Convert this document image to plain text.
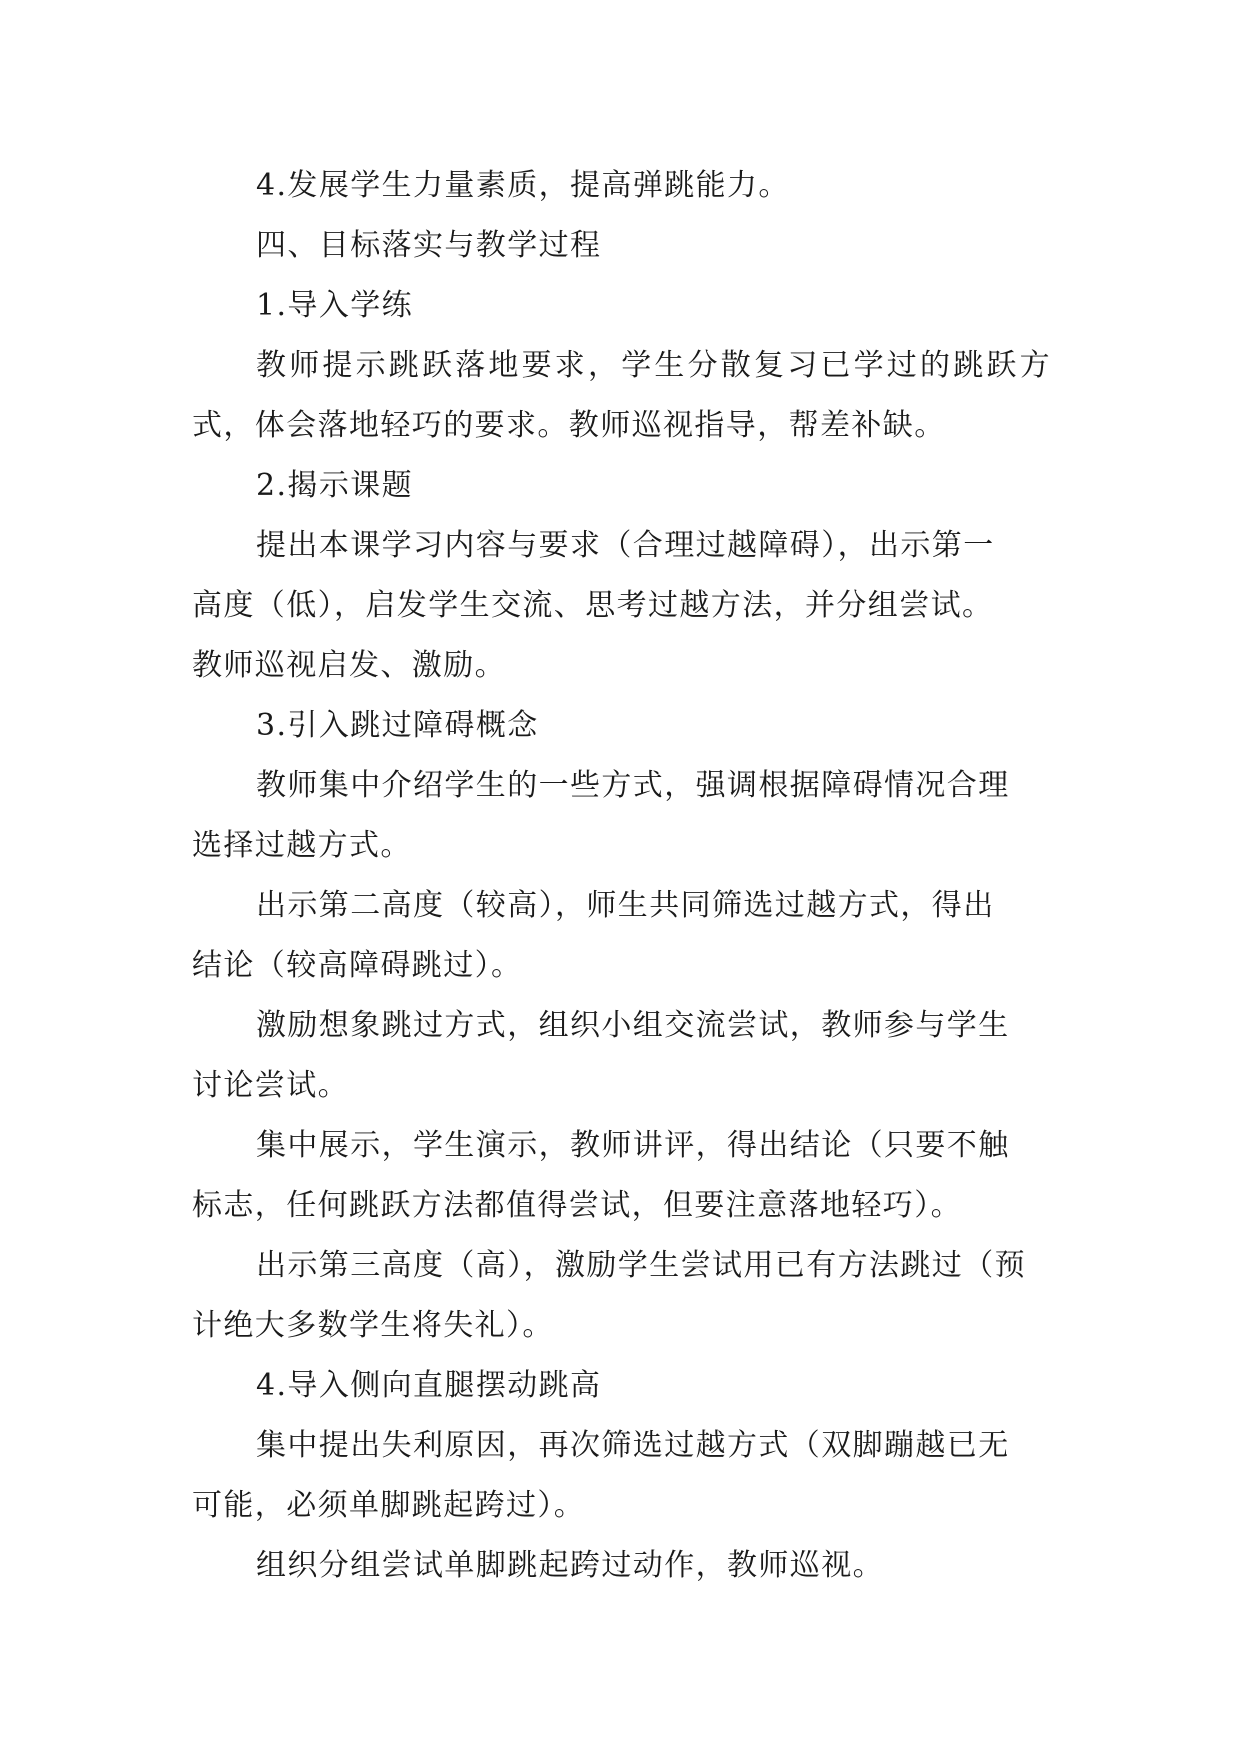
4.发展学生力量素质，提高弹跳能力。
四、目标落实与教学过程
1.导入学练
教师提示跳跃落地要求，学生分散复习已学过的跳跃方
式，体会落地轻巧的要求。教师巡视指导，帮差补缺。
2.揭示课题
提出本课学习内容与要求（合理过越障碍），出示第一
高度（低），启发学生交流、思考过越方法，并分组尝试。
教师巡视启发、激励。
3.引入跳过障碍概念
教师集中介绍学生的一些方式，强调根据障碍情况合理
选择过越方式。
出示第二高度（较高），师生共同筛选过越方式，得出
结论（较高障碍跳过）。
激励想象跳过方式，组织小组交流尝试，教师参与学生
讨论尝试。
集中展示，学生演示，教师讲评，得出结论（只要不触
标志，任何跳跃方法都值得尝试，但要注意落地轻巧）。
出示第三高度（高），激励学生尝试用已有方法跳过（预
计绝大多数学生将失礼）。
4.导入侧向直腿摆动跳高
集中提出失利原因，再次筛选过越方式（双脚蹦越已无
可能，必须单脚跳起跨过）。
组织分组尝试单脚跳起跨过动作，教师巡视。
